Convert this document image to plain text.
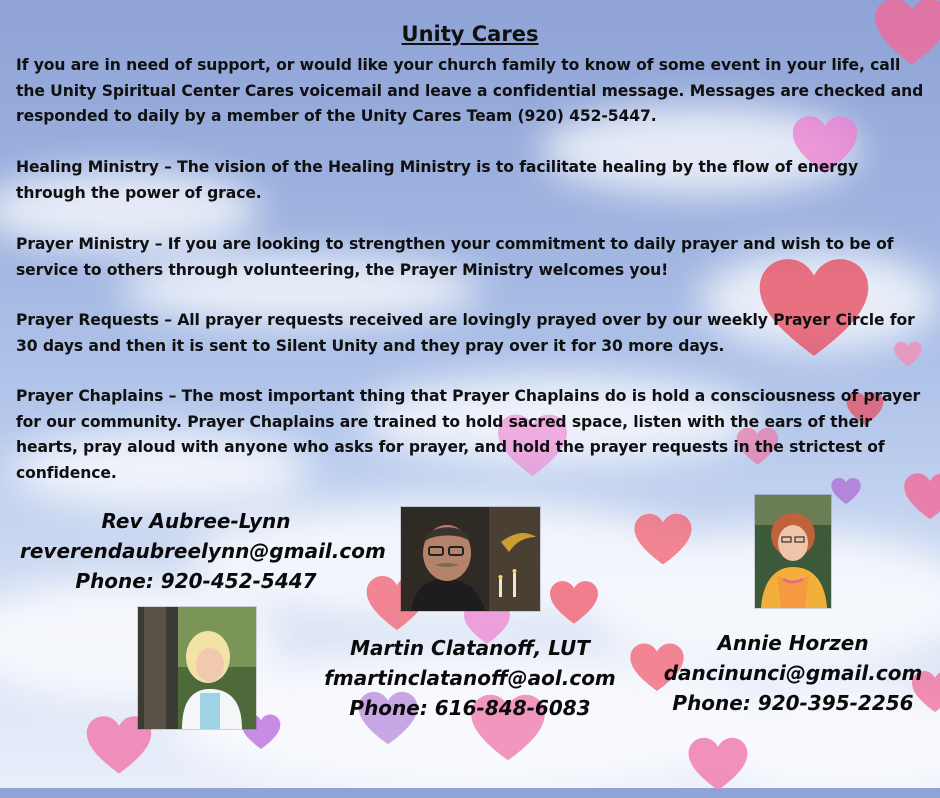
Unity Cares
If you are in need of support, or would like your church family to know of some event in your life, call the Unity Spiritual Center Cares voicemail and leave a confidential message. Messages are checked and responded to daily by a member of the Unity Cares Team (920) 452-5447.
Healing Ministry – The vision of the Healing Ministry is to facilitate healing by the flow of energy through the power of grace.
Prayer Ministry – If you are looking to strengthen your commitment to daily prayer and wish to be of service to others through volunteering, the Prayer Ministry welcomes you!
Prayer Requests – All prayer requests received are lovingly prayed over by our weekly Prayer Circle for 30 days and then it is sent to Silent Unity and they pray over it for 30 more days.
Prayer Chaplains – The most important thing that Prayer Chaplains do is hold a consciousness of prayer for our community. Prayer Chaplains are trained to hold sacred space, listen with the ears of their hearts, pray aloud with anyone who asks for prayer, and hold the prayer requests in the strictest of confidence.
Rev Aubree-Lynn
reverendaubreelynn@gmail.com
Phone: 920-452-5447
Martin Clatanoff, LUT
fmartinclatanoff@aol.com
Phone: 616-848-6083
Annie Horzen
dancinunci@gmail.com
Phone: 920-395-2256
